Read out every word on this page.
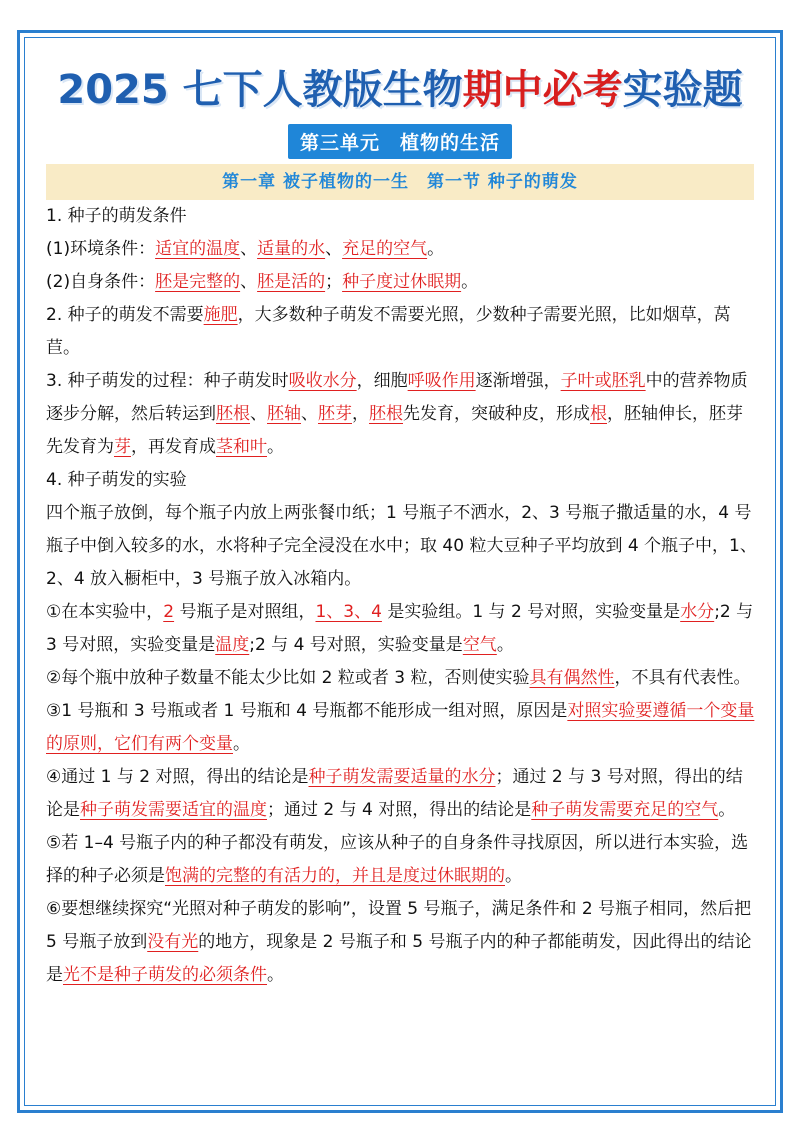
2025 七下人教版生物期中必考实验题
第三单元　植物的生活
第一章 被子植物的一生　第一节 种子的萌发

1. 种子的萌发条件

(1)环境条件：适宜的温度、适量的水、充足的空气。

(2)自身条件：胚是完整的、胚是活的；种子度过休眠期。

2. 种子的萌发不需要施肥，大多数种子萌发不需要光照，少数种子需要光照，比如烟草，莴苣。

3. 种子萌发的过程：种子萌发时吸收水分，细胞呼吸作用逐渐增强，子叶或胚乳中的营养物质逐步分解，然后转运到胚根、胚轴、胚芽，胚根先发育，突破种皮，形成根，胚轴伸长，胚芽先发育为芽，再发育成茎和叶。

4. 种子萌发的实验

四个瓶子放倒，每个瓶子内放上两张餐巾纸；1 号瓶子不洒水，2、3 号瓶子撒适量的水，4 号瓶子中倒入较多的水，水将种子完全浸没在水中；取 40 粒大豆种子平均放到 4 个瓶子中，1、2、4 放入橱柜中，3 号瓶子放入冰箱内。

①在本实验中，2 号瓶子是对照组，1、3、4 是实验组。1 与 2 号对照，实验变量是水分;2 与 3 号对照，实验变量是温度;2 与 4 号对照，实验变量是空气。

②每个瓶中放种子数量不能太少比如 2 粒或者 3 粒，否则使实验具有偶然性，不具有代表性。

③1 号瓶和 3 号瓶或者 1 号瓶和 4 号瓶都不能形成一组对照，原因是对照实验要遵循一个变量的原则，它们有两个变量。

④通过 1 与 2 对照，得出的结论是种子萌发需要适量的水分；通过 2 与 3 号对照，得出的结论是种子萌发需要适宜的温度；通过 2 与 4 对照，得出的结论是种子萌发需要充足的空气。

⑤若 1–4 号瓶子内的种子都没有萌发，应该从种子的自身条件寻找原因，所以进行本实验，选择的种子必须是饱满的完整的有活力的，并且是度过休眠期的。

⑥要想继续探究“光照对种子萌发的影响”，设置 5 号瓶子，满足条件和 2 号瓶子相同，然后把 5 号瓶子放到没有光的地方，现象是 2 号瓶子和 5 号瓶子内的种子都能萌发，因此得出的结论是光不是种子萌发的必须条件。
